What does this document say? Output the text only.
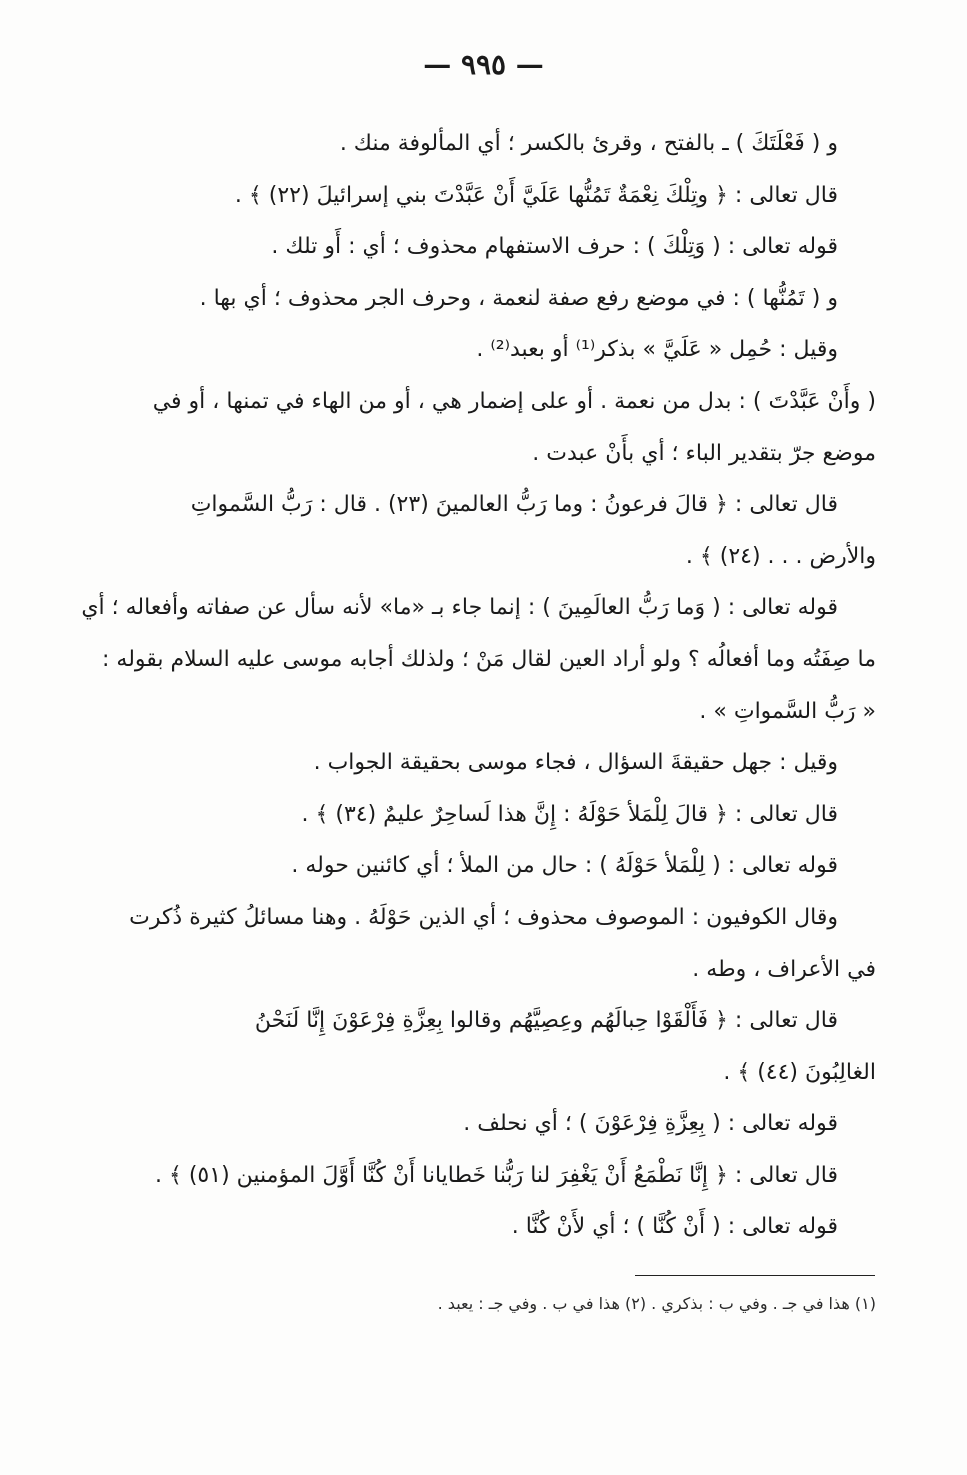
— ٩٩٥ —

و ( فَعْلَتَكَ ) ـ بالفتح ، وقرئ بالكسر ؛ أي المألوفة منك .

قال تعالى : ﴿ وتِلْكَ نِعْمَةٌ تَمُنُّها عَلَيَّ أَنْ عَبَّدْتَ بني إسرائيلَ (٢٢) ﴾ .

قوله تعالى : ( وَتِلْكَ ) : حرف الاستفهام محذوف ؛ أي : أَو تلك .

و ( تَمُنُّها ) : في موضع رفع صفة لنعمة ، وحرف الجر محذوف ؛ أي بها .

وقيل : حُمِل « عَلَيَّ » بذكر⁽¹⁾ أو بعبد⁽²⁾ .

( وأَنْ عَبَّدْتَ ) : بدل من نعمة . أو على إضمار هي ، أو من الهاء في تمنها ، أو في

موضع جرّ بتقدير الباء ؛ أي بأَنْ عبدت .

قال تعالى : ﴿ قالَ فرعونُ : وما رَبُّ العالمينَ (٢٣) . قال : رَبُّ السَّمواتِ

والأرض . . . (٢٤) ﴾ .

قوله تعالى : ( وَما رَبُّ العالَمِينَ ) : إنما جاء بـ «ما» لأنه سأل عن صفاته وأفعاله ؛ أي

ما صِفَتُه وما أفعالُه ؟ ولو أراد العين لقال مَنْ ؛ ولذلك أجابه موسى عليه السلام بقوله :

« رَبُّ السَّمواتِ » .

وقيل : جهل حقيقةَ السؤال ، فجاء موسى بحقيقة الجواب .

قال تعالى : ﴿ قالَ لِلْمَلأ حَوْلَهُ : إِنَّ هذا لَساحِرٌ عليمٌ (٣٤) ﴾ .

قوله تعالى : ( لِلْمَلأ حَوْلَهُ ) : حال من الملأ ؛ أي كائنين حوله .

وقال الكوفيون : الموصوف محذوف ؛ أي الذين حَوْلَهُ . وهنا مسائلُ كثيرة ذُكرت

في الأعراف ، وطه .

قال تعالى : ﴿ فَأَلْقَوْا حِبالَهُم وعِصِيَّهُم وقالوا بِعِزَّةِ فِرْعَوْنَ إِنَّا لَنَحْنُ

الغالِبُونَ (٤٤) ﴾ .

قوله تعالى : ( بِعِزَّةِ فِرْعَوْنَ ) ؛ أي نحلف .

قال تعالى : ﴿ إِنَّا نَطْمَعُ أَنْ يَغْفِرَ لنا رَبُّنا خَطايانا أَنْ كُنَّا أَوَّلَ المؤمنين (٥١) ﴾ .

قوله تعالى : ( أَنْ كُنَّا ) ؛ أي لأَنْ كُنَّا .

(١) هذا في جـ . وفي ب : بذكري . (٢) هذا في ب . وفي جـ : يعبد .
